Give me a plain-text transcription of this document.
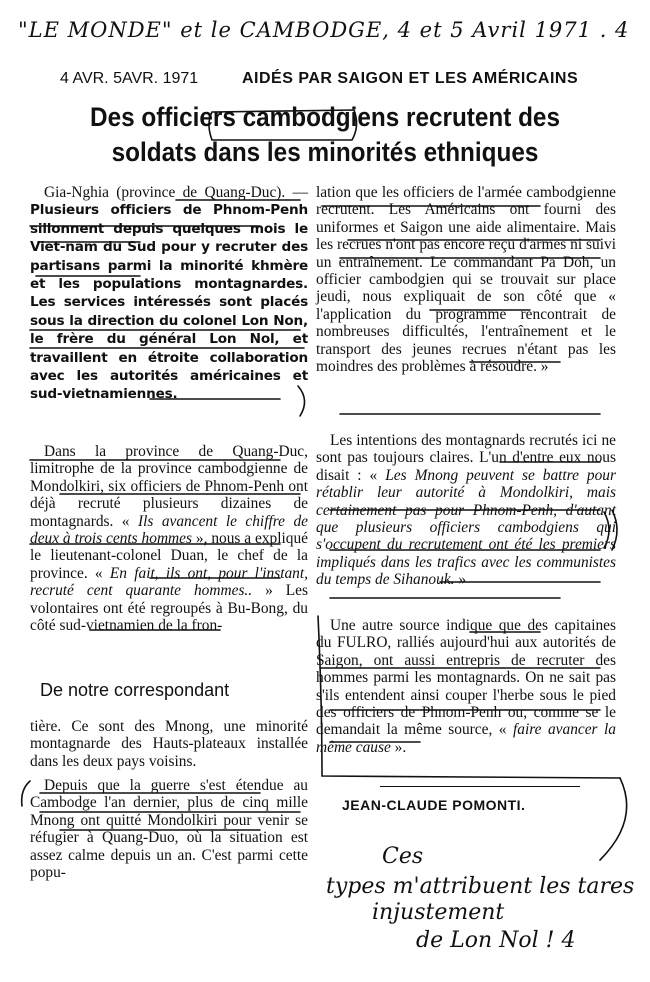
"LE MONDE" et le CAMBODGE, 4 et 5 Avril 1971 . 4
4 AVR. 5AVR. 1971	AIDÉS PAR SAIGON ET LES AMÉRICAINS
Des officiers cambodgiens recrutent des soldats dans les minorités ethniques

Gia-Nghia (province de Quang-Duc). — Plusieurs officiers de Phnom-Penh sillonnent depuis quelques mois le Viet-nam du Sud pour y recruter des partisans parmi la minorité khmère et les populations montagnardes. Les services intéressés sont placés sous la direction du colonel Lon Non, le frère du général Lon Nol, et travaillent en étroite collaboration avec les autorités américaines et sud-vietnamiennes.

Dans la province de Quang-Duc, limitrophe de la province cambodgienne de Mondolkiri, six officiers de Phnom-Penh ont déjà recruté plusieurs dizaines de montagnards. « Ils avancent le chiffre de deux à trois cents hommes », nous a expliqué le lieutenant-colonel Duan, le chef de la province. « En fait, ils ont, pour l'instant, recruté cent quarante hommes.. » Les volontaires ont été regroupés à Bu-Bong, du côté sud-vietnamien de la fron-

De notre correspondant

tière. Ce sont des Mnong, une minorité montagnarde des Hauts-plateaux installée dans les deux pays voisins.

Depuis que la guerre s'est étendue au Cambodge l'an dernier, plus de cinq mille Mnong ont quitté Mondolkiri pour venir se réfugier à Quang-Duo, où la situation est assez calme depuis un an. C'est parmi cette popu-

lation que les officiers de l'armée cambodgienne recrutent. Les Américains ont fourni des uniformes et Saigon une aide alimentaire. Mais les recrues n'ont pas encore reçu d'armes ni suivi un entraînement. Le commandant Pa Doh, un officier cambodgien qui se trouvait sur place jeudi, nous expliquait de son côté que « l'application du programme rencontrait de nombreuses difficultés, l'entraînement et le transport des jeunes recrues n'étant pas les moindres des problèmes à résoudre. »

Les intentions des montagnards recrutés ici ne sont pas toujours claires. L'un d'entre eux nous disait : « Les Mnong peuvent se battre pour rétablir leur autorité à Mondolkiri, mais certainement pas pour Phnom-Penh, d'autant que plusieurs officiers cambodgiens qui s'occupent du recrutement ont été les premiers impliqués dans les trafics avec les communistes du temps de Sihanouk. »

Une autre source indique que des capitaines du FULRO, ralliés aujourd'hui aux autorités de Saigon, ont aussi entrepris de recruter des hommes parmi les montagnards. On ne sait pas s'ils entendent ainsi couper l'herbe sous le pied des officiers de Phnom-Penh ou, comme se le demandait la même source, « faire avancer la même cause ».

JEAN-CLAUDE POMONTI.
Ces
types m'attribuent les tares
injustement
de Lon Nol ! 4
